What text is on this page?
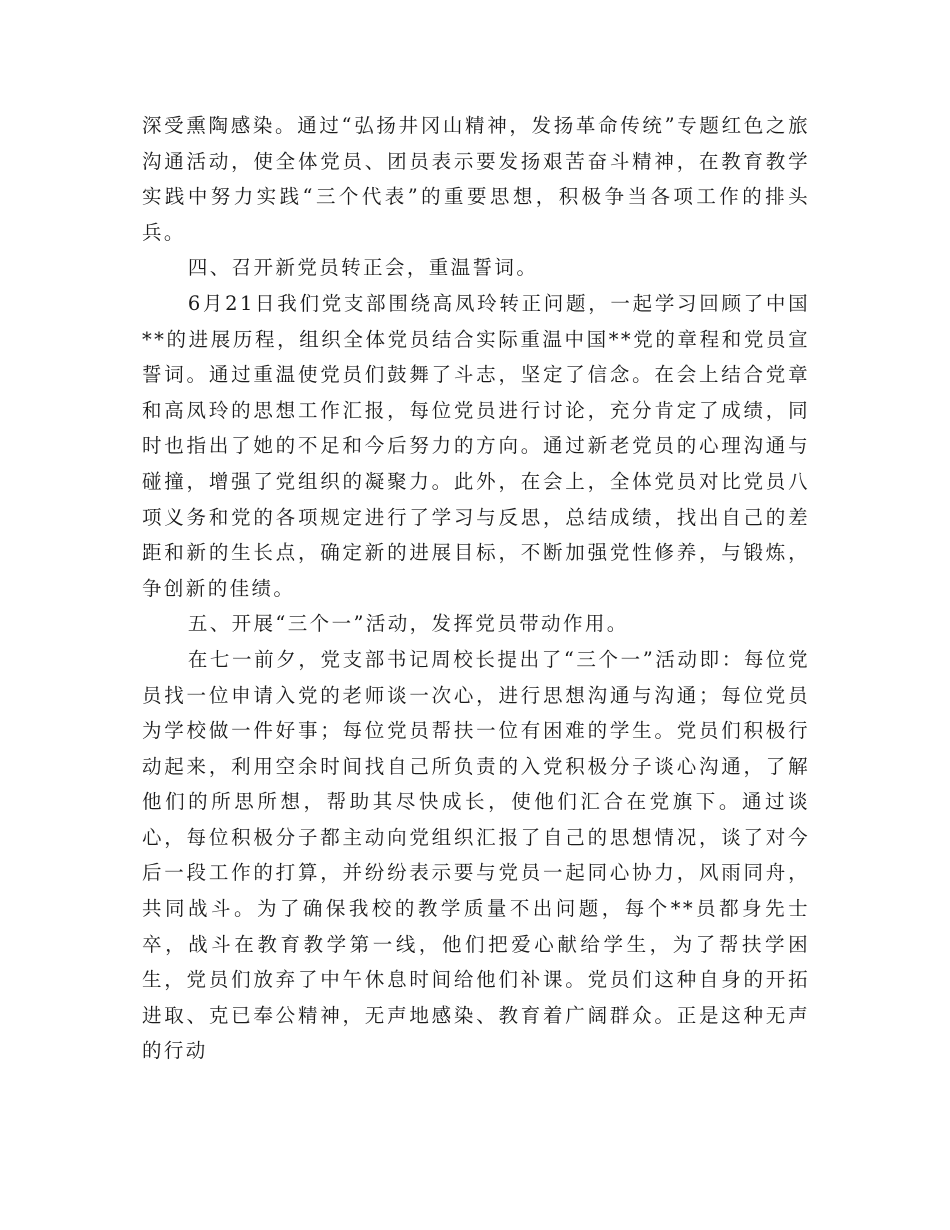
深受熏陶感染。通过“弘扬井冈山精神，发扬革命传统”专题红色之旅沟通活动，使全体党员、团员表示要发扬艰苦奋斗精神，在教育教学实践中努力实践“三个代表”的重要思想，积极争当各项工作的排头兵。

四、召开新党员转正会，重温誓词。

6月21日我们党支部围绕高凤玲转正问题，一起学习回顾了中国**的进展历程，组织全体党员结合实际重温中国**党的章程和党员宣誓词。通过重温使党员们鼓舞了斗志，坚定了信念。在会上结合党章和高凤玲的思想工作汇报，每位党员进行讨论，充分肯定了成绩，同时也指出了她的不足和今后努力的方向。通过新老党员的心理沟通与碰撞，增强了党组织的凝聚力。此外，在会上，全体党员对比党员八项义务和党的各项规定进行了学习与反思，总结成绩，找出自己的差距和新的生长点，确定新的进展目标，不断加强党性修养，与锻炼，争创新的佳绩。

五、开展“三个一”活动，发挥党员带动作用。

在七一前夕，党支部书记周校长提出了“三个一”活动即：每位党员找一位申请入党的老师谈一次心，进行思想沟通与沟通；每位党员为学校做一件好事；每位党员帮扶一位有困难的学生。党员们积极行动起来，利用空余时间找自己所负责的入党积极分子谈心沟通，了解他们的所思所想，帮助其尽快成长，使他们汇合在党旗下。通过谈心，每位积极分子都主动向党组织汇报了自己的思想情况，谈了对今后一段工作的打算，并纷纷表示要与党员一起同心协力，风雨同舟，共同战斗。为了确保我校的教学质量不出问题，每个**员都身先士卒，战斗在教育教学第一线，他们把爱心献给学生，为了帮扶学困生，党员们放弃了中午休息时间给他们补课。党员们这种自身的开拓进取、克已奉公精神，无声地感染、教育着广阔群众。正是这种无声的行动
